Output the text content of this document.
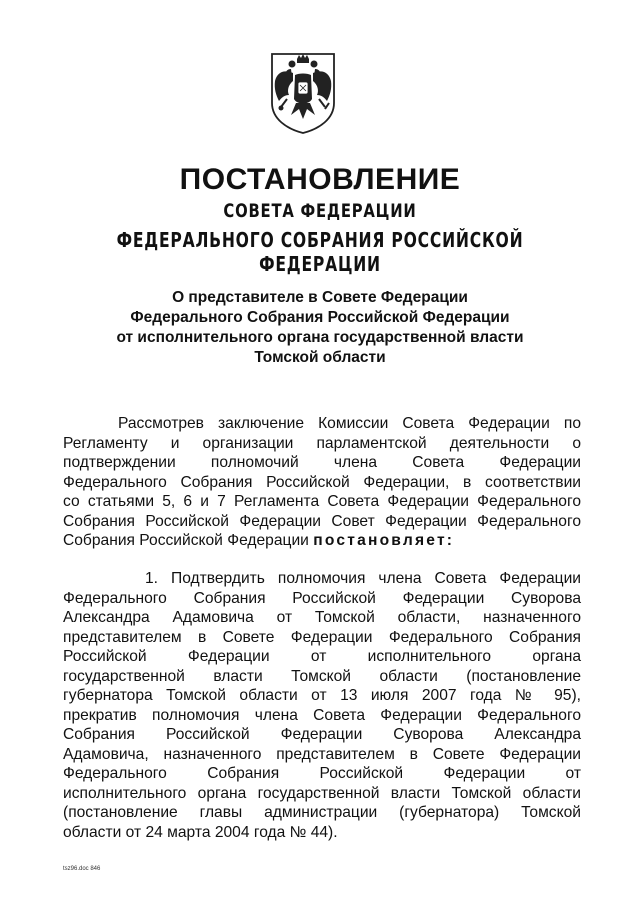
ПОСТАНОВЛЕНИЕ
СОВЕТА ФЕДЕРАЦИИ
ФЕДЕРАЛЬНОГО СОБРАНИЯ РОССИЙСКОЙ ФЕДЕРАЦИИ
О представителе в Совете Федерации
Федерального Собрания Российской Федерации
от исполнительного органа государственной власти
Томской области
Рассмотрев заключение Комиссии Совета Федерации по
Регламенту и организации парламентской деятельности о
подтверждении полномочий члена Совета Федерации
Федерального Собрания Российской Федерации, в соответствии
со статьями 5, 6 и 7 Регламента Совета Федерации Федерального
Собрания Российской Федерации Совет Федерации Федерального
Собрания Российской Федерации постановляет:
1. Подтвердить полномочия члена Совета Федерации
Федерального Собрания Российской Федерации Суворова
Александра Адамовича от Томской области, назначенного
представителем в Совете Федерации Федерального Собрания
Российской Федерации от исполнительного органа
государственной власти Томской области (постановление
губернатора Томской области от 13 июля 2007 года № 95),
прекратив полномочия члена Совета Федерации Федерального
Собрания Российской Федерации Суворова Александра
Адамовича, назначенного представителем в Совете Федерации
Федерального Собрания Российской Федерации от
исполнительного органа государственной власти Томской области
(постановление главы администрации (губернатора) Томской
области от 24 марта 2004 года № 44).
tsz96.doc 846
